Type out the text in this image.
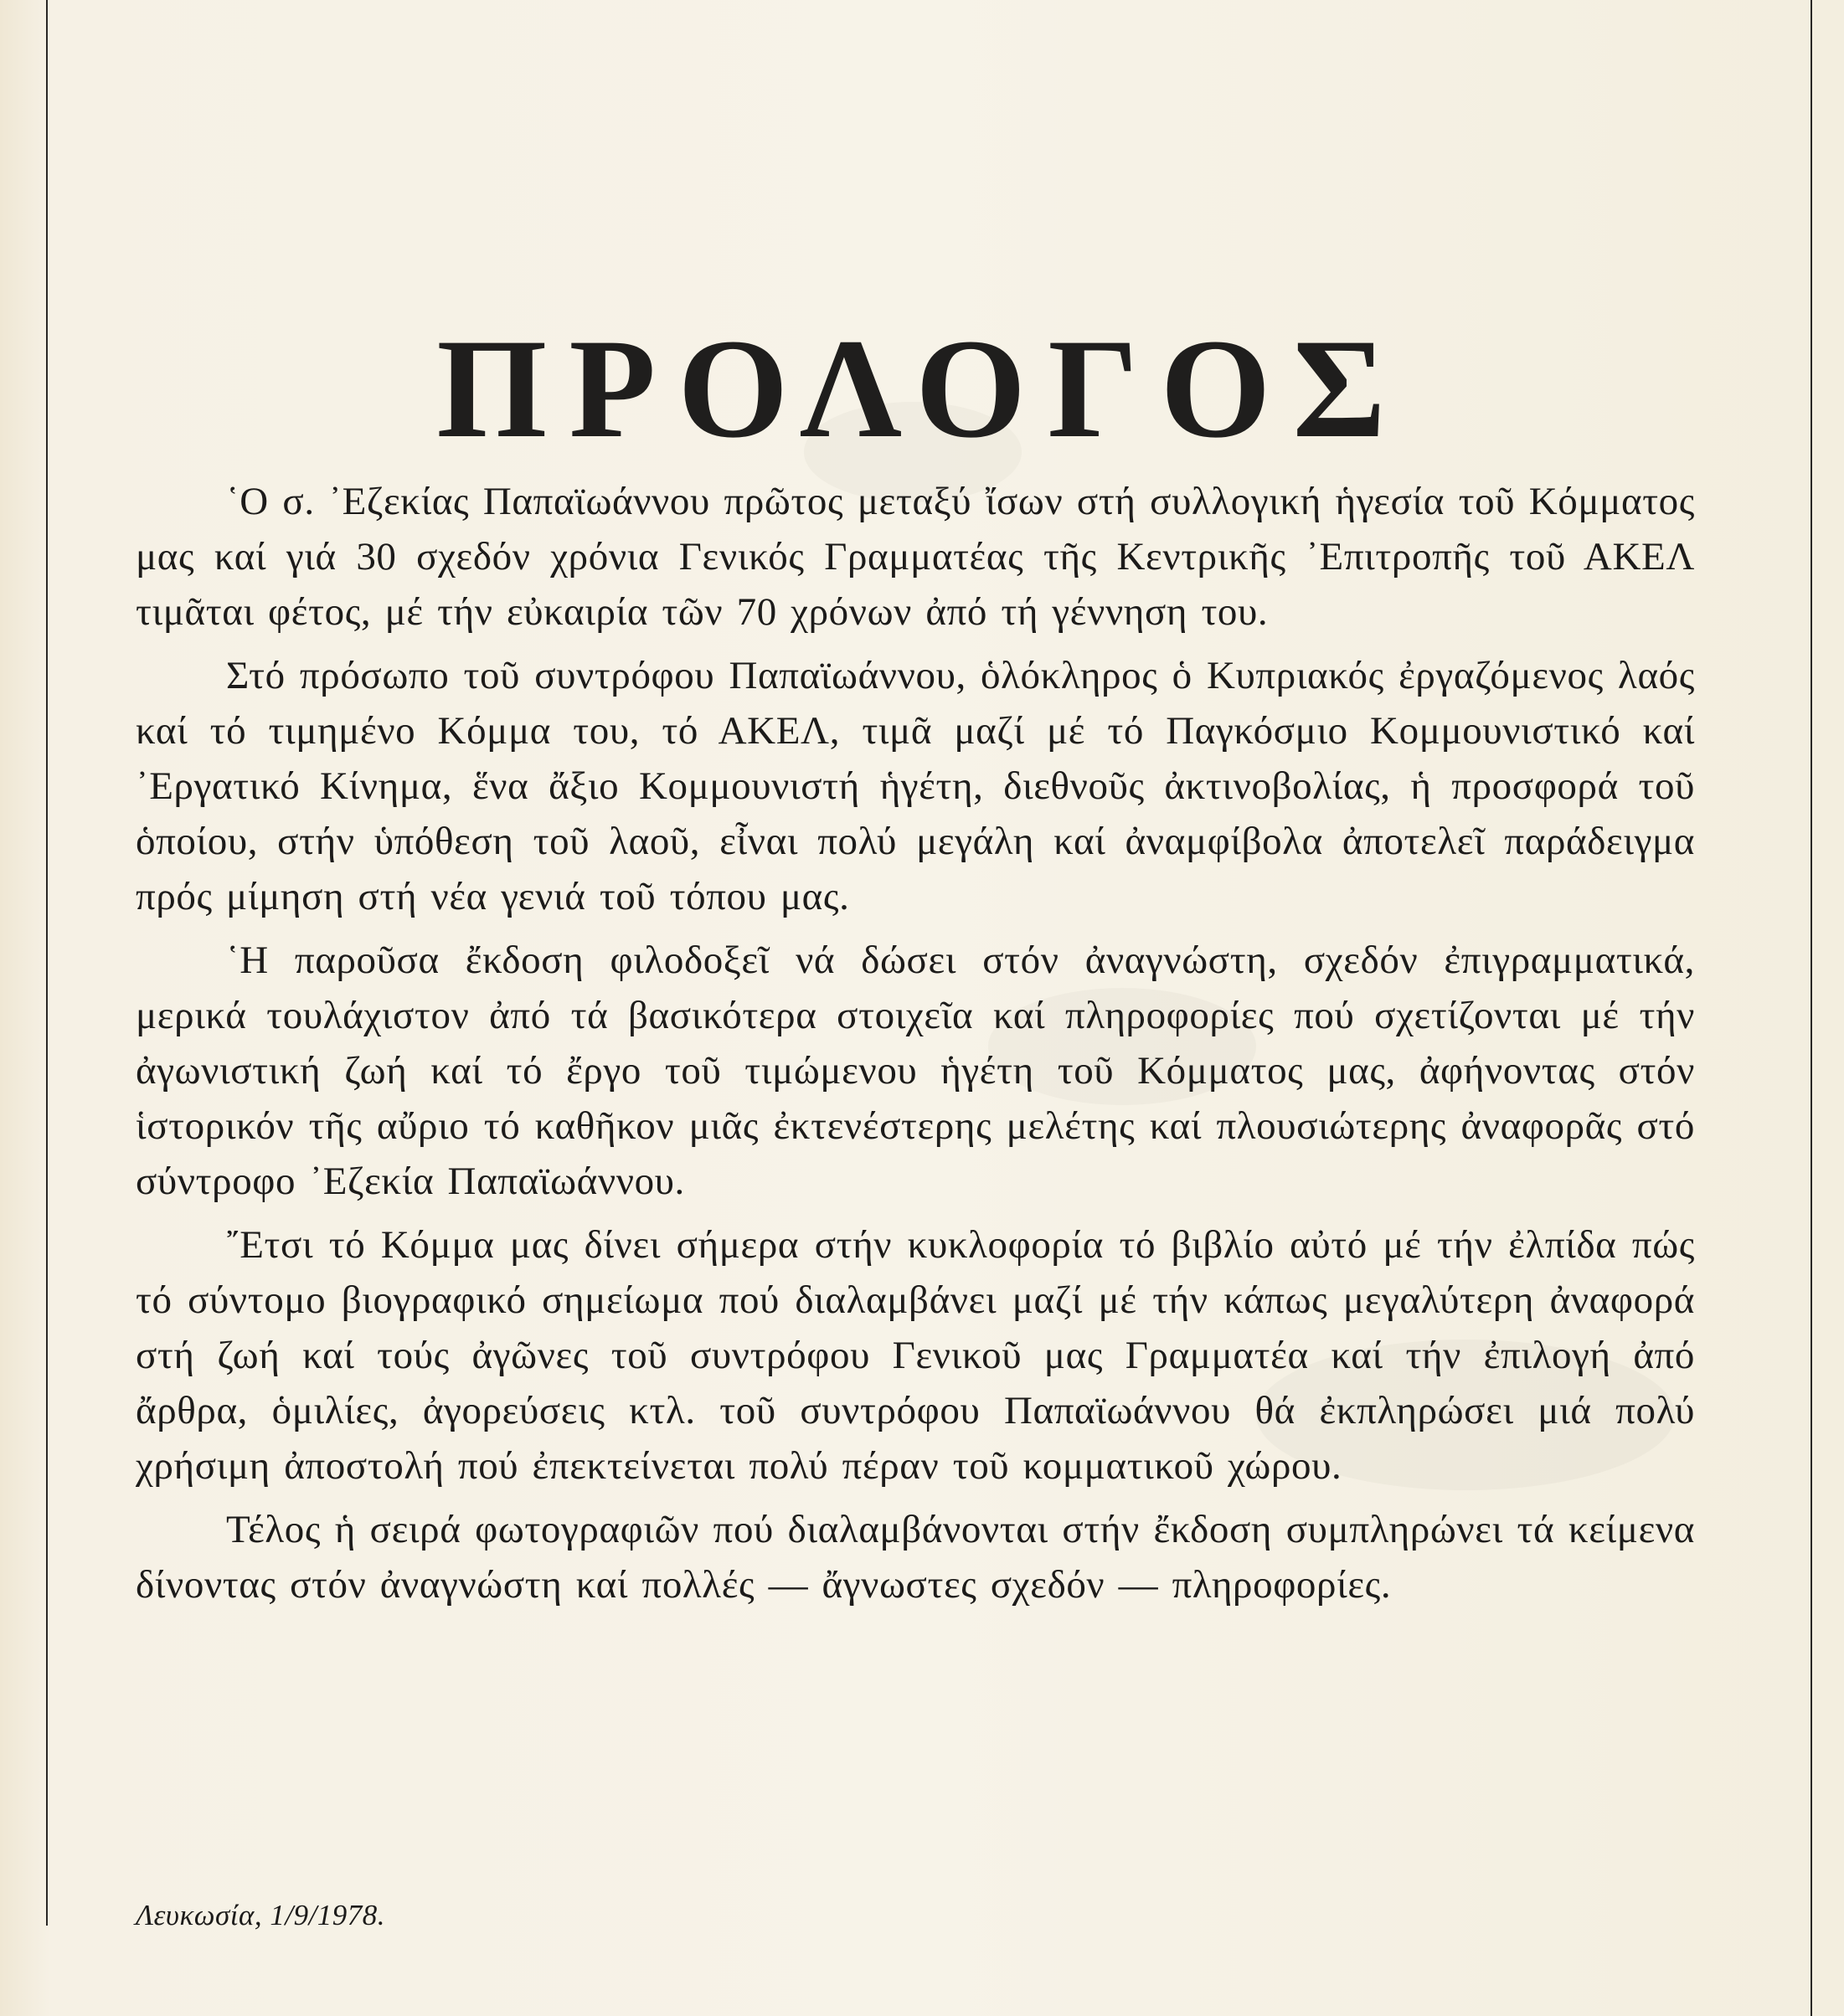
ΠΡΟΛΟΓΟΣ

῾Ο σ. ᾿Εζεκίας Παπαϊωάννου πρῶτος μεταξύ ἴσων στή συλλογική ἡγεσία τοῦ Κόμματος μας καί γιά 30 σχεδόν χρόνια Γενικός Γραμματέας τῆς Κεντρικῆς ᾿Επιτροπῆς τοῦ ΑΚΕΛ τιμᾶται φέτος, μέ τήν εὐκαιρία τῶν 70 χρόνων ἀπό τή γέννηση του.

Στό πρόσωπο τοῦ συντρόφου Παπαϊωάννου, ὁλόκληρος ὁ Κυπριακός ἐργαζόμενος λαός καί τό τιμημένο Κόμμα του, τό ΑΚΕΛ, τιμᾶ μαζί μέ τό Παγκόσμιο Κομμουνιστικό καί ᾿Εργατικό Κίνημα, ἕνα ἄξιο Κομμουνιστή ἡγέτη, διεθνοῦς ἀκτινοβολίας, ἡ προσφορά τοῦ ὁποίου, στήν ὑπόθεση τοῦ λαοῦ, εἶναι πολύ μεγάλη καί ἀναμφίβολα ἀποτελεῖ παράδειγμα πρός μίμηση στή νέα γενιά τοῦ τόπου μας.

῾Η παροῦσα ἔκδοση φιλοδοξεῖ νά δώσει στόν ἀναγνώστη, σχεδόν ἐπιγραμματικά, μερικά τουλάχιστον ἀπό τά βασικότερα στοιχεῖα καί πληροφορίες πού σχετίζονται μέ τήν ἀγωνιστική ζωή καί τό ἔργο τοῦ τιμώμενου ἡγέτη τοῦ Κόμματος μας, ἀφήνοντας στόν ἱστορικόν τῆς αὔριο τό καθῆκον μιᾶς ἐκτενέστερης μελέτης καί πλουσιώτερης ἀναφορᾶς στό σύντροφο ᾿Εζεκία Παπαϊωάννου.

῎Ετσι τό Κόμμα μας δίνει σήμερα στήν κυκλοφορία τό βιβλίο αὐτό μέ τήν ἐλπίδα πώς τό σύντομο βιογραφικό σημείωμα πού διαλαμβάνει μαζί μέ τήν κάπως μεγαλύτερη ἀναφορά στή ζωή καί τούς ἀγῶνες τοῦ συντρόφου Γενικοῦ μας Γραμματέα καί τήν ἐπιλογή ἀπό ἄρθρα, ὁμιλίες, ἀγορεύσεις κτλ. τοῦ συντρόφου Παπαϊωάννου θά ἐκπληρώσει μιά πολύ χρήσιμη ἀποστολή πού ἐπεκτείνεται πολύ πέραν τοῦ κομματικοῦ χώρου.

Τέλος ἡ σειρά φωτογραφιῶν πού διαλαμβάνονται στήν ἔκδοση συμπληρώνει τά κείμενα δίνοντας στόν ἀναγνώστη καί πολλές — ἄγνωστες σχεδόν — πληροφορίες.

Λευκωσία, 1/9/1978.
